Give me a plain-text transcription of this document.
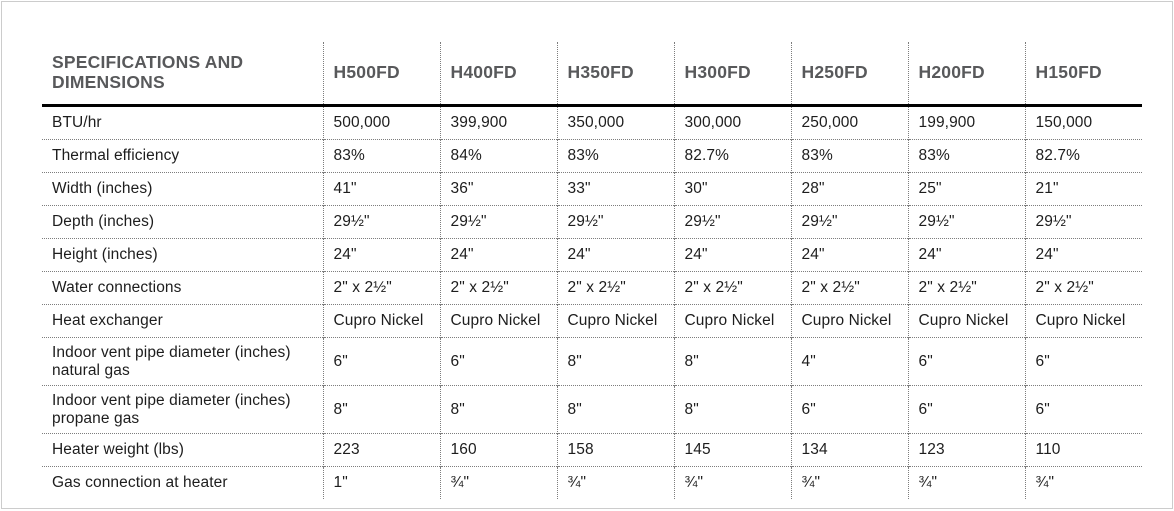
SPECIFICATIONS AND DIMENSIONS	H500FD	H400FD	H350FD	H300FD	H250FD	H200FD	H150FD
BTU/hr	500,000	399,900	350,000	300,000	250,000	199,900	150,000
Thermal efficiency	83%	84%	83%	82.7%	83%	83%	82.7%
Width (inches)	41"	36"	33"	30"	28"	25"	21"
Depth (inches)	29½"	29½"	29½"	29½"	29½"	29½"	29½"
Height (inches)	24"	24"	24"	24"	24"	24"	24"
Water connections	2" x 2½"	2" x 2½"	2" x 2½"	2" x 2½"	2" x 2½"	2" x 2½"	2" x 2½"
Heat exchanger	Cupro Nickel	Cupro Nickel	Cupro Nickel	Cupro Nickel	Cupro Nickel	Cupro Nickel	Cupro Nickel
Indoor vent pipe diameter (inches) natural gas	6"	6"	8"	8"	4"	6"	6"
Indoor vent pipe diameter (inches) propane gas	8"	8"	8"	8"	6"	6"	6"
Heater weight (lbs)	223	160	158	145	134	123	110
Gas connection at heater	1"	¾"	¾"	¾"	¾"	¾"	¾"
